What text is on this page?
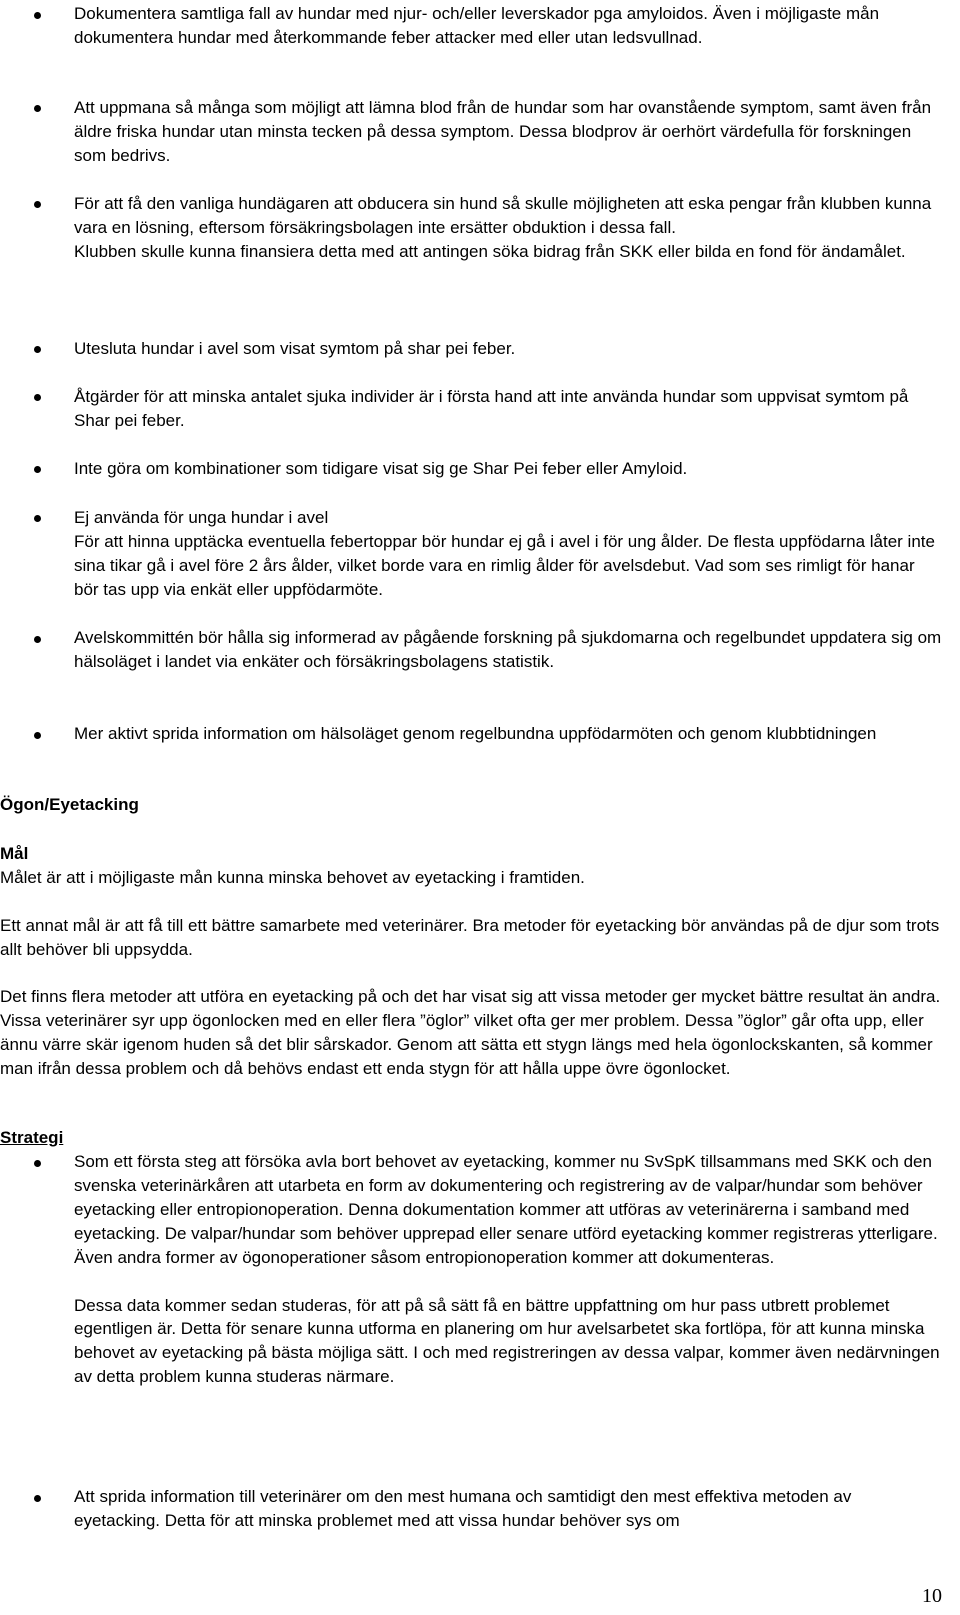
Dokumentera samtliga fall av hundar med njur- och/eller leverskador pga amyloidos. Även i möjligaste mån dokumentera hundar med återkommande feber attacker med eller utan ledsvullnad.

Att uppmana så många som möjligt att lämna blod från de hundar som har ovanstående symptom, samt även från äldre friska hundar utan minsta tecken på dessa symptom. Dessa blodprov är oerhört värdefulla för forskningen som bedrivs.

För att få den vanliga hundägaren att obducera sin hund så skulle möjligheten att eska pengar från klubben kunna vara en lösning, eftersom försäkringsbolagen inte ersätter obduktion i dessa fall.

Klubben skulle kunna finansiera detta med att antingen söka bidrag från SKK eller bilda en fond för ändamålet.

Utesluta hundar i avel som visat symtom på shar pei feber.

Åtgärder för att minska antalet sjuka individer är i första hand att inte använda hundar som uppvisat symtom på Shar pei feber.

Inte göra om kombinationer som tidigare visat sig ge Shar Pei feber eller Amyloid.

Ej använda för unga hundar i avel

För att hinna upptäcka eventuella febertoppar bör hundar ej gå i avel i för ung ålder. De flesta uppfödarna låter inte sina tikar gå i avel före 2 års ålder, vilket borde vara en rimlig ålder för avelsdebut. Vad som ses rimligt för hanar bör tas upp via enkät eller uppfödarmöte.

Avelskommittén bör hålla sig informerad av pågående forskning på sjukdomarna och regelbundet uppdatera sig om hälsoläget i landet via enkäter och försäkringsbolagens statistik.

Mer aktivt sprida information om hälsoläget genom regelbundna uppfödarmöten och genom klubbtidningen

Ögon/Eyetacking
Mål
Målet är att i möjligaste mån kunna minska behovet av eyetacking i framtiden.
Ett annat mål är att få till ett bättre samarbete med veterinärer. Bra metoder för eyetacking bör användas på de djur som trots allt behöver bli uppsydda.
Det finns flera metoder att utföra en eyetacking på och det har visat sig att vissa metoder ger mycket bättre resultat än andra. Vissa veterinärer syr upp ögonlocken med en eller flera ”öglor” vilket ofta ger mer problem. Dessa ”öglor” går ofta upp, eller ännu värre skär igenom huden så det blir sårskador. Genom att sätta ett stygn längs med hela ögonlockskanten, så kommer man ifrån dessa problem och då behövs endast ett enda stygn för att hålla uppe övre ögonlocket.
Strategi

Som ett första steg att försöka avla bort behovet av eyetacking, kommer nu SvSpK tillsammans med SKK och den svenska veterinärkåren att utarbeta en form av dokumentering och registrering av de valpar/hundar som behöver eyetacking eller entropionoperation. Denna dokumentation kommer att utföras av veterinärerna i samband med eyetacking. De valpar/hundar som behöver upprepad eller senare utförd eyetacking kommer registreras ytterligare. Även andra former av ögonoperationer såsom entropionoperation kommer att dokumenteras.

Dessa data kommer sedan studeras, för att på så sätt få en bättre uppfattning om hur pass utbrett problemet egentligen är. Detta för senare kunna utforma en planering om hur avelsarbetet ska fortlöpa, för att kunna minska behovet av eyetacking på bästa möjliga sätt. I och med registreringen av dessa valpar, kommer även nedärvningen av detta problem kunna studeras närmare.

Att sprida information till veterinärer om den mest humana och samtidigt den mest effektiva metoden av eyetacking. Detta för att minska problemet med att vissa hundar behöver sys om

10
